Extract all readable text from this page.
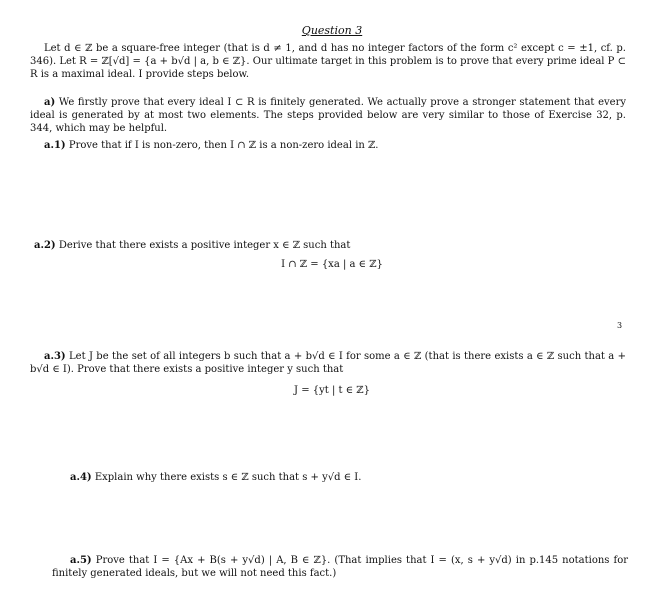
Question 3

Let d ∈ ℤ be a square-free integer (that is d ≠ 1, and d has no integer factors of the form c² except c = ±1, cf. p. 346). Let R = ℤ[√d] = {a + b√d | a, b ∈ ℤ}. Our ultimate target in this problem is to prove that every prime ideal P ⊂ R is a maximal ideal. I provide steps below.

a) We firstly prove that every ideal I ⊂ R is finitely generated. We actually prove a stronger statement that every ideal is generated by at most two elements. The steps provided below are very similar to those of Exercise 32, p. 344, which may be helpful.

a.1) Prove that if I is non-zero, then I ∩ ℤ is a non-zero ideal in ℤ.

a.2) Derive that there exists a positive integer x ∈ ℤ such that

I ∩ ℤ = {xa | a ∈ ℤ}
3

a.3) Let J be the set of all integers b such that a + b√d ∈ I for some a ∈ ℤ (that is there exists a ∈ ℤ such that a + b√d ∈ I). Prove that there exists a positive integer y such that

J = {yt | t ∈ ℤ}

a.4) Explain why there exists s ∈ ℤ such that s + y√d ∈ I.

a.5) Prove that I = {Ax + B(s + y√d) | A, B ∈ ℤ}. (That implies that I = (x, s + y√d) in p.145 notations for finitely generated ideals, but we will not need this fact.)
